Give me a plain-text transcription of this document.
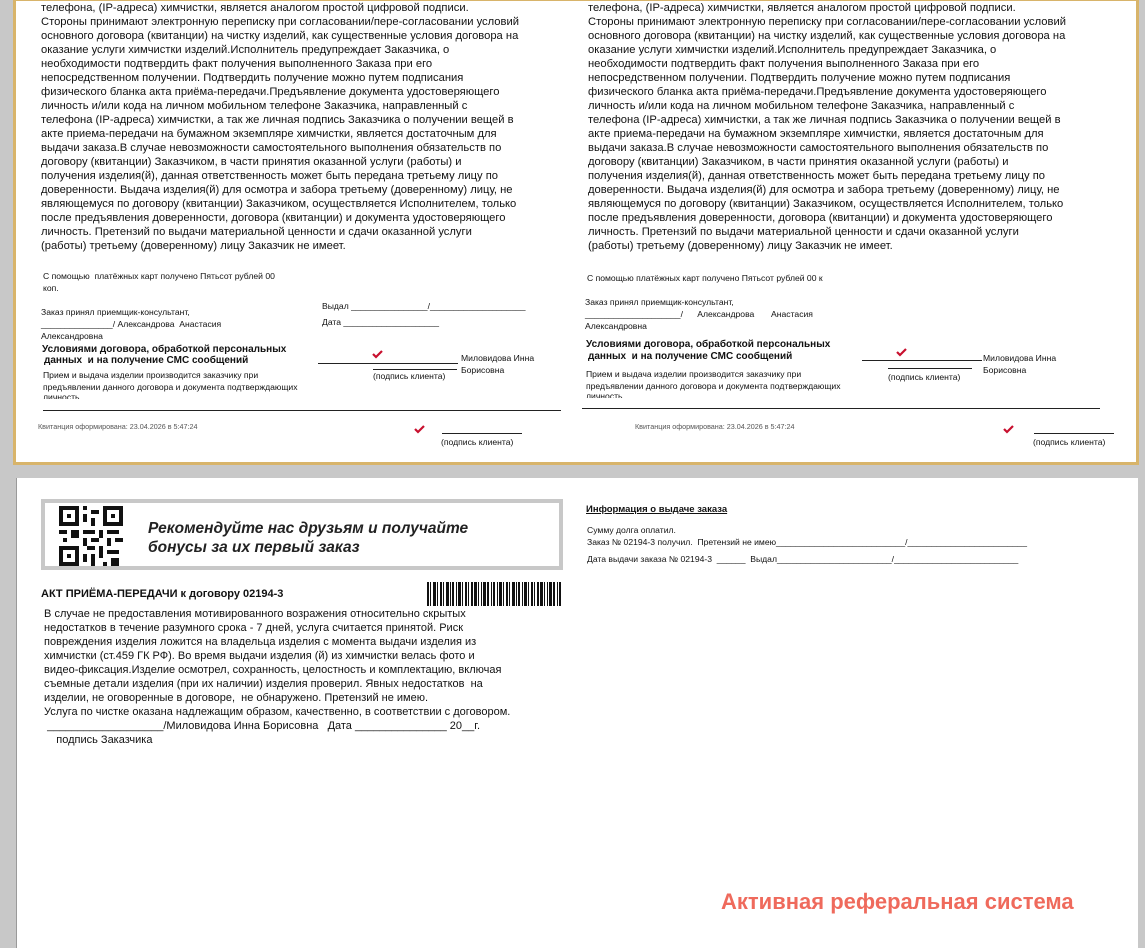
телефона, (IP-адреса) химчистки, является аналогом простой цифровой подписи.
Стороны принимают электронную переписку при согласовании/пере-согласовании условий
основного договора (квитанции) на чистку изделий, как существенные условия договора на
оказание услуги химчистки изделий.Исполнитель предупреждает Заказчика, о
необходимости подтвердить факт получения выполненного Заказа при его
непосредственном получении. Подтвердить получение можно путем подписания
физического бланка акта приёма-передачи.Предъявление документа удостоверяющего
личность и/или кода на личном мобильном телефоне Заказчика, направленный с
телефона (IP-адреса) химчистки, а так же личная подпись Заказчика о получении вещей в
акте приема-передачи на бумажном экземпляре химчистки, является достаточным для
выдачи заказа.В случае невозможности самостоятельного выполнения обязательств по
договору (квитанции) Заказчиком, в части принятия оказанной услуги (работы) и
получения изделия(й), данная ответственность может быть передана третьему лицу по
доверенности. Выдача изделия(й) для осмотра и забора третьему (доверенному) лицу, не
являющемуся по договору (квитанции) Заказчиком, осуществляется Исполнителем, только
после предъявления доверенности, договора (квитанции) и документа удостоверяющего
личность. Претензий по выдачи материальной ценности и сдачи оказанной услуги
(работы) третьему (доверенному) лицу Заказчик не имеет.
С помощью  платёжных карт получено Пятьсот рублей 00
коп.
Заказ принял приемщик-консультант,
_______________/ Александрова  Анастасия
Александровна
Выдал ________________/____________________
Дата ____________________
Условиями договора, обработкой персональных
данных  и на получение СМС сообщений	Миловидова Инна
Борисовна
(подпись клиента)
Прием и выдача изделии производится заказчику при
предъявлении данного договора и документа подтверждающих
личность
Квитанция оформирована: 23.04.2026 в 5:47:24
(подпись клиента)
телефона, (IP-адреса) химчистки, является аналогом простой цифровой подписи.
Стороны принимают электронную переписку при согласовании/пере-согласовании условий
основного договора (квитанции) на чистку изделий, как существенные условия договора на
оказание услуги химчистки изделий.Исполнитель предупреждает Заказчика, о
необходимости подтвердить факт получения выполненного Заказа при его
непосредственном получении. Подтвердить получение можно путем подписания
физического бланка акта приёма-передачи.Предъявление документа удостоверяющего
личность и/или кода на личном мобильном телефоне Заказчика, направленный с
телефона (IP-адреса) химчистки, а так же личная подпись Заказчика о получении вещей в
акте приема-передачи на бумажном экземпляре химчистки, является достаточным для
выдачи заказа.В случае невозможности самостоятельного выполнения обязательств по
договору (квитанции) Заказчиком, в части принятия оказанной услуги (работы) и
получения изделия(й), данная ответственность может быть передана третьему лицу по
доверенности. Выдача изделия(й) для осмотра и забора третьему (доверенному) лицу, не
являющемуся по договору (квитанции) Заказчиком, осуществляется Исполнителем, только
после предъявления доверенности, договора (квитанции) и документа удостоверяющего
личность. Претензий по выдачи материальной ценности и сдачи оказанной услуги
(работы) третьему (доверенному) лицу Заказчик не имеет.
С помощью платёжных карт получено Пятьсот рублей 00 к
Заказ принял приемщик-консультант,
____________________/      Александрова       Анастасия
Александровна
Условиями договора, обработкой персональных
данных  и на получение СМС сообщений	Миловидова Инна
Борисовна
(подпись клиента)
Прием и выдача изделии производится заказчику при
предъявлении данного договора и документа подтверждающих
личность
Квитанция оформирована: 23.04.2026 в 5:47:24
(подпись клиента)
Рекомендуйте нас друзьям и получайте
бонусы за их первый заказ
АКТ ПРИЁМА-ПЕРЕДАЧИ к договору 02194-3
В случае не предоставления мотивированного возражения относительно скрытых
недостатков в течение разумного срока - 7 дней, услуга считается принятой. Риск
повреждения изделия ложится на владельца изделия с момента выдачи изделия из
химчистки (ст.459 ГК РФ). Во время выдачи изделия (й) из химчистки велась фото и
видео-фиксация.Изделие осмотрел, сохранность, целостность и комплектацию, включая
съемные детали изделия (при их наличии) изделия проверил. Явных недостатков  на
изделии, не оговоренные в договоре,  не обнаружено. Претензий не имею.
Услуга по чистке оказана надлежащим образом, качественно, в соответствии с договором.
___________________/Миловидова Инна Борисовна   Дата _______________ 20__г.
подпись Заказчика
Информация о выдаче заказа
Сумму долга оплатил.
Заказ № 02194-3 получил.  Претензий не имею___________________________/_________________________
Дата выдачи заказа № 02194-3  ______  Выдал________________________/__________________________
Активная реферальная система
